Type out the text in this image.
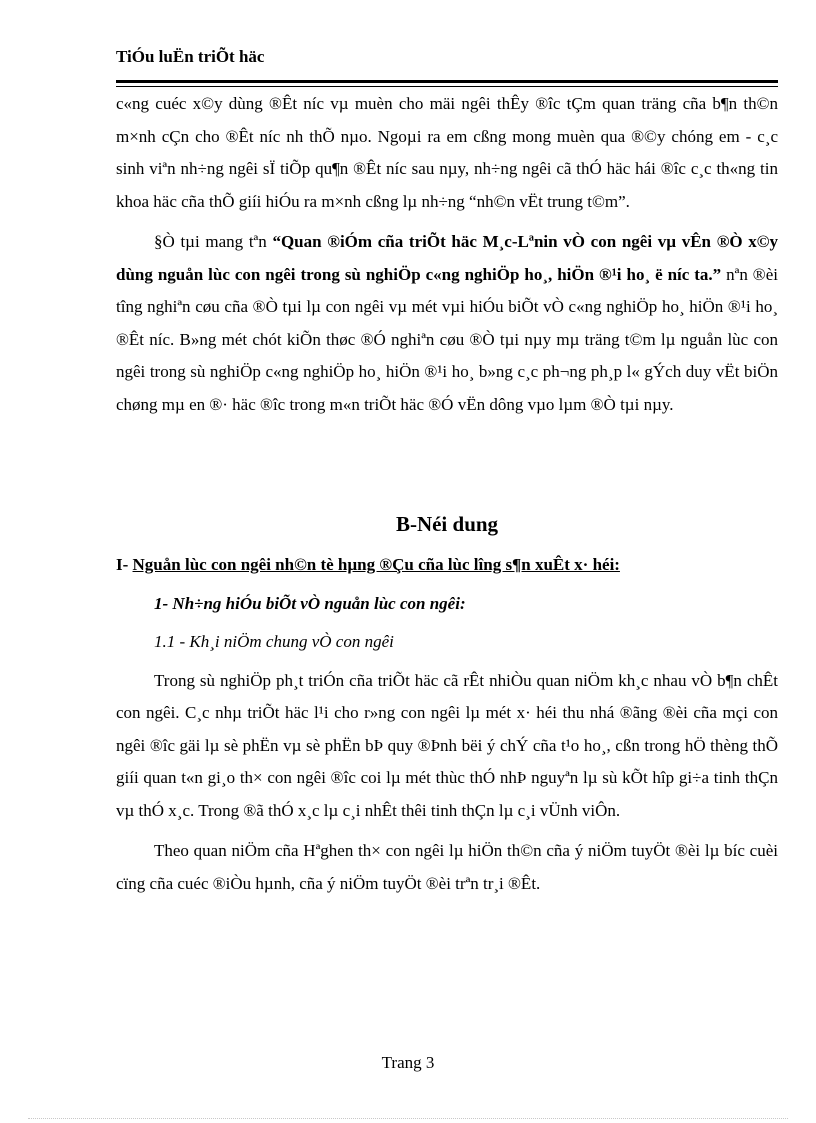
TiÓu luËn triÕt häc

c«ng cuéc x©y dùng ®Êt níc vµ muèn cho mäi ngêi thÊy ®îc tÇm quan träng cña b¶n th©n m×nh cÇn cho ®Êt níc nh thÕ nµo. Ngoµi ra em cßng mong muèn qua ®©y chóng em - c¸c sinh viªn nh÷ng ngêi sÏ tiÕp qu¶n ®Êt níc sau nµy, nh÷ng ngêi cã thÓ häc hái ®îc c¸c th«ng tin khoa häc cña thÕ giíi hiÓu ra m×nh cßng lµ nh÷ng “nh©n vËt trung t©m”.

§Ò tµi mang tªn “Quan ®iÓm cña triÕt häc M¸c-Lªnin vÒ con ngêi vµ vÊn ®Ò x©y dùng nguån lùc con ngêi trong sù nghiÖp c«ng nghiÖp ho¸, hiÖn ®¹i ho¸ ë níc ta.” nªn ®èi tîng nghiªn cøu cña ®Ò tµi lµ con ngêi vµ mét vµi hiÓu biÕt vÒ c«ng nghiÖp ho¸ hiÖn ®¹i ho¸ ®Êt níc. B»ng mét chót kiÕn thøc ®Ó nghiªn cøu ®Ò tµi nµy mµ träng t©m lµ nguån lùc con ngêi trong sù nghiÖp c«ng nghiÖp ho¸ hiÖn ®¹i ho¸ b»ng c¸c ph¬ng ph¸p l« gÝch duy vËt biÖn chøng mµ en ®· häc ®îc trong m«n triÕt häc ®Ó vËn dông vµo lµm ®Ò tµi nµy.

B-Néi dung

I- Nguån lùc con ngêi nh©n tè hµng ®Çu cña lùc lîng s¶n xuÊt x· héi:

1- Nh÷ng hiÓu biÕt vÒ nguån lùc con ngêi:

1.1 - Kh¸i niÖm chung vÒ con ngêi

Trong sù nghiÖp ph¸t triÓn cña triÕt häc cã rÊt nhiÒu quan niÖm kh¸c nhau vÒ b¶n chÊt con ngêi. C¸c nhµ triÕt häc l¹i cho r»ng con ngêi lµ mét x· héi thu nhá ®ãng ®èi cña mçi con ngêi ®îc gäi lµ sè phËn vµ sè phËn bÞ quy ®Þnh bëi ý chÝ cña t¹o ho¸, cßn trong hÖ thèng thÕ giíi quan t«n gi¸o th× con ngêi ®îc coi lµ mét thùc thÓ nhÞ nguyªn lµ sù kÕt hîp gi÷a tinh thÇn vµ thÓ x¸c. Trong ®ã thÓ x¸c lµ c¸i nhÊt thêi tinh thÇn lµ c¸i vÜnh viÔn.

Theo quan niÖm cña Hªghen th× con ngêi lµ hiÖn th©n cña ý niÖm tuyÖt ®èi lµ bíc cuèi cïng cña cuéc ®iÒu hµnh, cña ý niÖm tuyÖt ®èi trªn tr¸i ®Êt.

Trang 3
